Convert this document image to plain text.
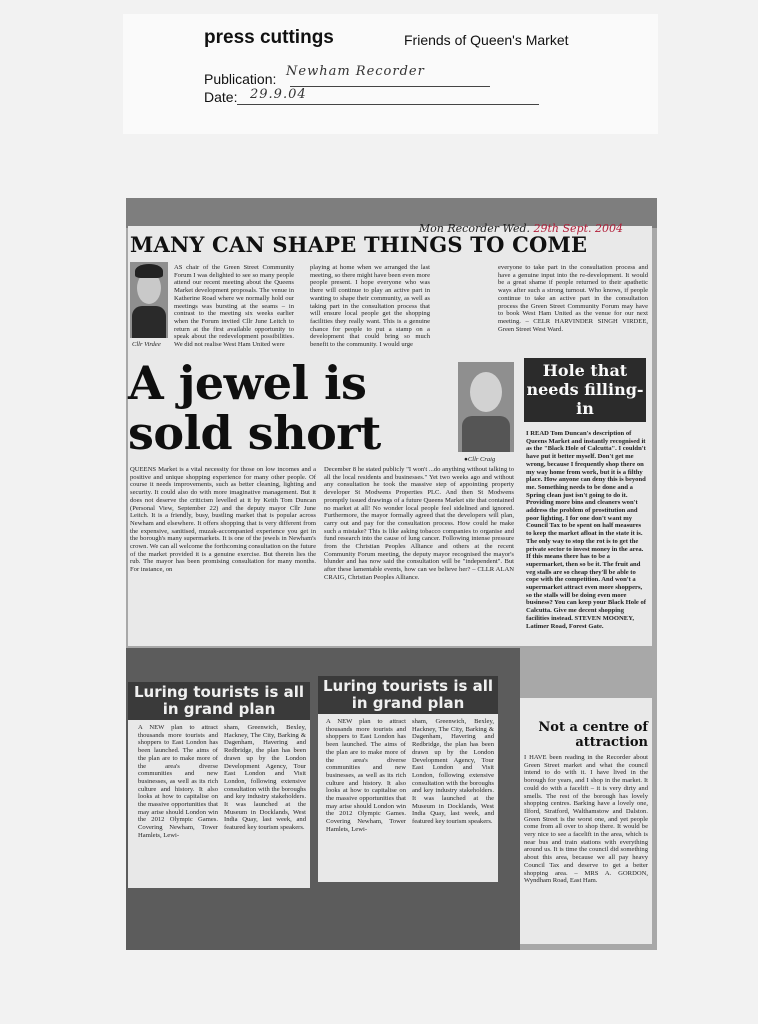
press cuttings	Friends of Queen's Market
Publication: Newham Recorder
Date: 29.9.04
Mon Recorder Wed. 29th Sept. 2004
MANY CAN SHAPE THINGS TO COME
Cllr Virdee
AS chair of the Green Street Community Forum I was delighted to see so many people attend our recent meeting about the Queens Market development proposals. The venue in Katherine Road where we normally hold our meetings was bursting at the seams – in contrast to the meeting six weeks earlier when the Forum invited Cllr June Leitch to return at the first available opportunity to speak about the redevelopment possibilities. We did not realise West Ham United were
playing at home when we arranged the last meeting, so there might have been even more people present. I hope everyone who was there will continue to play an active part in wanting to shape their community, as well as taking part in the consultation process that will ensure local people get the shopping facilities they really want. This is a genuine chance for people to put a stamp on a development that could bring so much benefit to the community. I would urge
everyone to take part in the consultation process and have a genuine input into the re-development. It would be a great shame if people returned to their apathetic ways after such a strong turnout. Who knows, if people continue to take an active part in the consultation process the Green Street Community Forum may have to book West Ham United as the venue for our next meeting. – CELR HARVINDER SINGH VIRDEE, Green Street West Ward.
A jewel is
sold short	●Cllr Craig
QUEENS Market is a vital necessity for those on low incomes and a positive and unique shopping experience for many other people. Of course it needs improvements, such as better cleaning, lighting and security. It could also do with more imaginative management. But it does not deserve the criticism levelled at it by Keith Tom Duncan (Personal View, September 22) and the deputy mayor Cllr June Leitch. It is a friendly, busy, bustling market that is popular across Newham and elsewhere. It offers shopping that is very different from the expensive, sanitised, muzak-accompanied experience you get in the borough's many supermarkets. It is one of the jewels in Newham's crown. We can all welcome the forthcoming consultation on the future of the market provided it is a genuine exercise. But therein lies the rub. The mayor has been promising consultation for many months. For instance, on
December 8 he stated publicly "I won't ...do anything without talking to all the local residents and businesses." Yet two weeks ago and without any consultation he took the massive step of appointing property developer St Modwens Properties PLC. And then St Modwens promptly issued drawings of a future Queens Market site that contained no market at all! No wonder local people feel sidelined and ignored. Furthermore, the mayor formally agreed that the developers will plan, carry out and pay for the consultation process. How could he make such a mistake? This is like asking tobacco companies to organise and fund research into the cause of lung cancer. Following intense pressure from the Christian Peoples Alliance and others at the recent Community Forum meeting, the deputy mayor recognised the mayor's blunder and has now said the consultation will be "independent". But after these lamentable events, how can we believe her? – CLLR ALAN CRAIG, Christian Peoples Alliance.
Hole that needs filling-in
I READ Tom Duncan's description of Queens Market and instantly recognised it as the "Black Hole of Calcutta". I couldn't have put it better myself. Don't get me wrong, because I frequently shop there on my way home from work, but it is a filthy place. How anyone can deny this is beyond me. Something needs to be done and a Spring clean just isn't going to do it. Providing more bins and cleaners won't address the problem of prostitution and poor lighting. I for one don't want my Council Tax to be spent on half measures to keep the market afloat in the state it is. The only way to stop the rot is to get the private sector to invest money in the area. If this means there has to be a supermarket, then so be it. The fruit and veg stalls are so cheap they'll be able to cope with the competition. And won't a supermarket attract even more shoppers, so the stalls will be doing even more business? You can keep your Black Hole of Calcutta. Give me decent shopping facilities instead. STEVEN MOONEY, Latimer Road, Forest Gate.
Luring tourists is all in grand plan
A NEW plan to attract thousands more tourists and shoppers to East London has been launched. The aims of the plan are to make more of the area's diverse communities and new businesses, as well as its rich culture and history. It also looks at how to capitalise on the massive opportunities that may arise should London win the 2012 Olympic Games. Covering Newham, Tower Hamlets, Lewi-
sham, Greenwich, Bexley, Hackney, The City, Barking & Dagenham, Havering and Redbridge, the plan has been drawn up by the London Development Agency, Tour East London and Visit London, following extensive consultation with the boroughs and key industry stakeholders. It was launched at the Museum in Docklands, West India Quay, last week, and featured key tourism speakers.
Luring tourists is all in grand plan
A NEW plan to attract thousands more tourists and shoppers to East London has been launched. The aims of the plan are to make more of the area's diverse communities and new businesses, as well as its rich culture and history. It also looks at how to capitalise on the massive opportunities that may arise should London win the 2012 Olympic Games. Covering Newham, Tower Hamlets, Lewi-
sham, Greenwich, Bexley, Hackney, The City, Barking & Dagenham, Havering and Redbridge, the plan has been drawn up by the London Development Agency, Tour East London and Visit London, following extensive consultation with the boroughs and key industry stakeholders. It was launched at the Museum in Docklands, West India Quay, last week, and featured key tourism speakers.
Not a centre of
attraction
I HAVE been reading in the Recorder about Green Street market and what the council intend to do with it. I have lived in the borough for years, and I shop in the market. It could do with a facelift – it is very dirty and smells. The rest of the borough has lovely shopping centres. Barking have a lovely one, Ilford, Stratford, Walthamstow and Dalston. Green Street is the worst one, and yet people come from all over to shop there. It would be very nice to see a facelift in the area, which is near bus and train stations with everything around us. It is time the council did something about this area, because we all pay heavy Council Tax and deserve to get a better shopping area. – MRS A. GORDON, Wyndham Road, East Ham.
